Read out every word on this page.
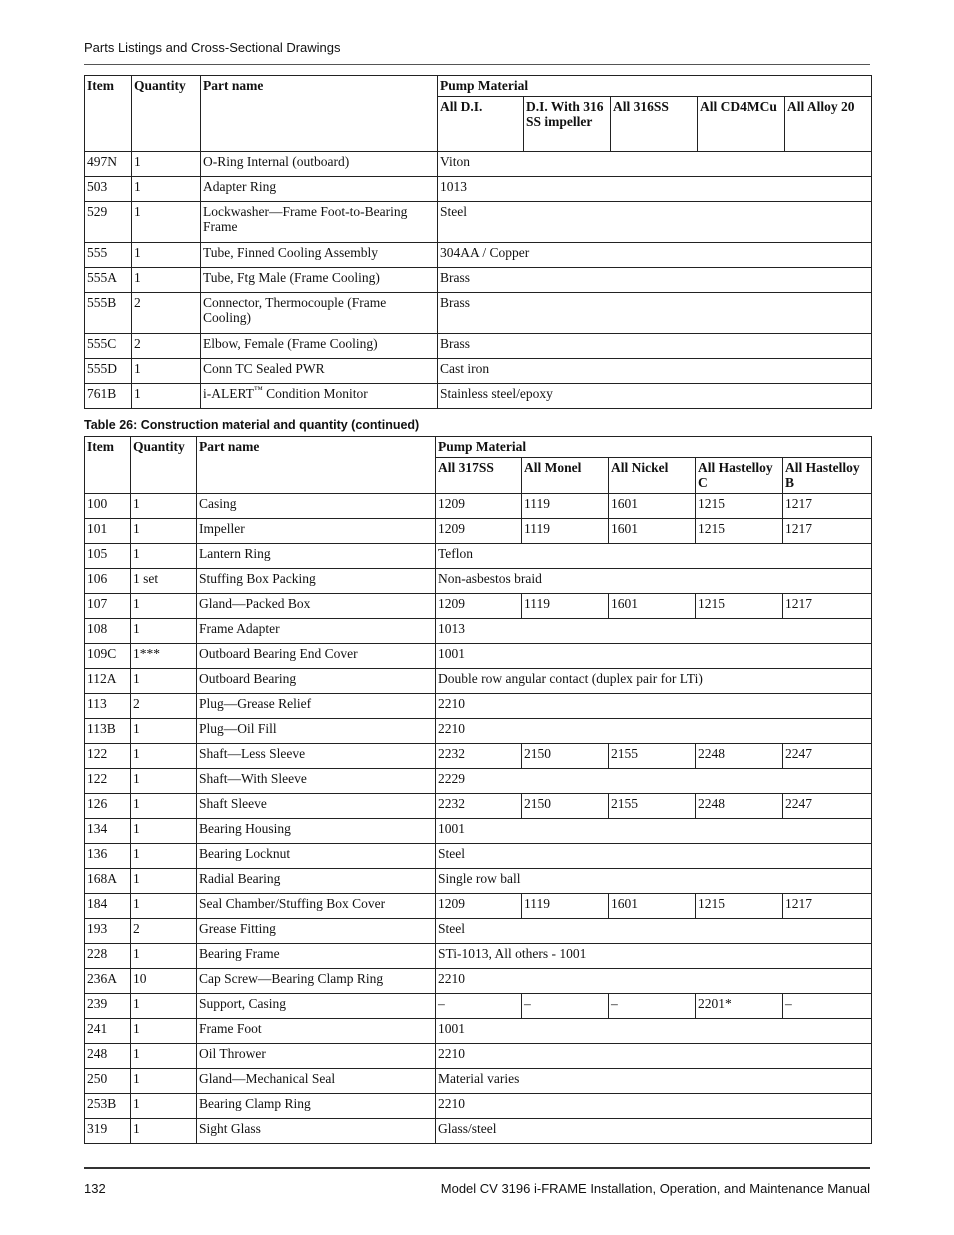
Parts Listings and Cross-Sectional Drawings
Item	Quantity	Part name	Pump Material				
			All D.I.	D.I. With 316 SS impeller	All 316SS	All CD4MCu	All Alloy 20
497N	1	O-Ring Internal (outboard)	Viton				
503	1	Adapter Ring	1013				
529	1	Lockwasher—Frame Foot-to-Bearing Frame	Steel				
555	1	Tube, Finned Cooling Assembly	304AA / Copper				
555A	1	Tube, Ftg Male (Frame Cooling)	Brass				
555B	2	Connector, Thermocouple (Frame Cooling)	Brass				
555C	2	Elbow, Female (Frame Cooling)	Brass				
555D	1	Conn TC Sealed PWR	Cast iron				
761B	1	i-ALERT™ Condition Monitor	Stainless steel/epoxy				
Table 26: Construction material and quantity (continued)
Item	Quantity	Part name	Pump Material				
			All 317SS	All Monel	All Nickel	All Hastelloy C	All Hastelloy B
100	1	Casing	1209	1119	1601	1215	1217
101	1	Impeller	1209	1119	1601	1215	1217
105	1	Lantern Ring	Teflon				
106	1 set	Stuffing Box Packing	Non-asbestos braid				
107	1	Gland—Packed Box	1209	1119	1601	1215	1217
108	1	Frame Adapter	1013				
109C	1***	Outboard Bearing End Cover	1001				
112A	1	Outboard Bearing	Double row angular contact (duplex pair for LTi)				
113	2	Plug—Grease Relief	2210				
113B	1	Plug—Oil Fill	2210				
122	1	Shaft—Less Sleeve	2232	2150	2155	2248	2247
122	1	Shaft—With Sleeve	2229				
126	1	Shaft Sleeve	2232	2150	2155	2248	2247
134	1	Bearing Housing	1001				
136	1	Bearing Locknut	Steel				
168A	1	Radial Bearing	Single row ball				
184	1	Seal Chamber/Stuffing Box Cover	1209	1119	1601	1215	1217
193	2	Grease Fitting	Steel				
228	1	Bearing Frame	STi-1013, All others - 1001				
236A	10	Cap Screw—Bearing Clamp Ring	2210				
239	1	Support, Casing	–	–	–	2201*	–
241	1	Frame Foot	1001				
248	1	Oil Thrower	2210				
250	1	Gland—Mechanical Seal	Material varies				
253B	1	Bearing Clamp Ring	2210				
319	1	Sight Glass	Glass/steel				
132	Model CV 3196 i-FRAME Installation, Operation, and Maintenance Manual
